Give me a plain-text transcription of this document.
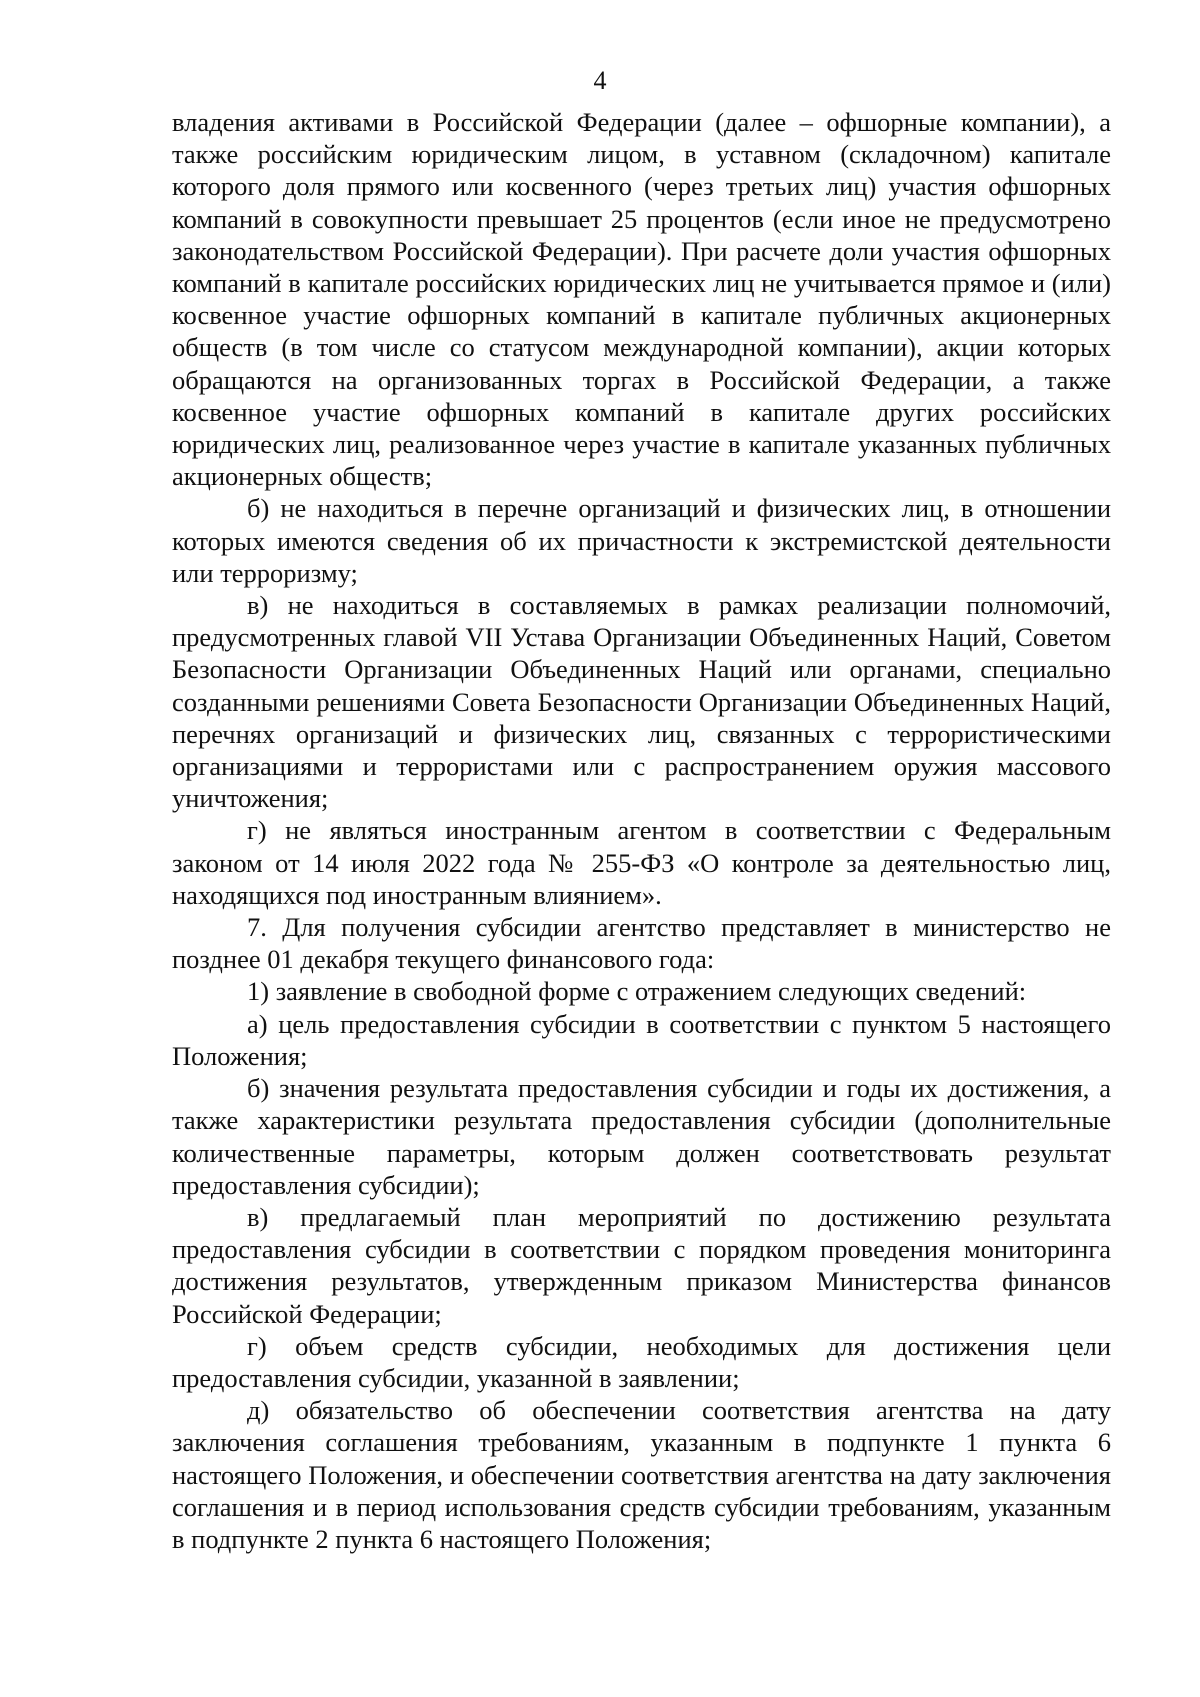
4

владения активами в Российской Федерации (далее – офшорные компании), а также российским юридическим лицом, в уставном (складочном) капитале которого доля прямого или косвенного (через третьих лиц) участия офшорных компаний в совокупности превышает 25 процентов (если иное не предусмотрено законодательством Российской Федерации). При расчете доли участия офшорных компаний в капитале российских юридических лиц не учитывается прямое и (или) косвенное участие офшорных компаний в капитале публичных акционерных обществ (в том числе со статусом международной компании), акции которых обращаются на организованных торгах в Российской Федерации, а также косвенное участие офшорных компаний в капитале других российских юридических лиц, реализованное через участие в капитале указанных публичных акционерных обществ;

б) не находиться в перечне организаций и физических лиц, в отношении которых имеются сведения об их причастности к экстремистской деятельности или терроризму;

в) не находиться в составляемых в рамках реализации полномочий, предусмотренных главой VII Устава Организации Объединенных Наций, Советом Безопасности Организации Объединенных Наций или органами, специально созданными решениями Совета Безопасности Организации Объединенных Наций, перечнях организаций и физических лиц, связанных с террористическими организациями и террористами или с распространением оружия массового уничтожения;

г) не являться иностранным агентом в соответствии с Федеральным законом от 14 июля 2022 года № 255-ФЗ «О контроле за деятельностью лиц, находящихся под иностранным влиянием».

7. Для получения субсидии агентство представляет в министерство не позднее 01 декабря текущего финансового года:

1) заявление в свободной форме с отражением следующих сведений:

а) цель предоставления субсидии в соответствии с пунктом 5 настоящего Положения;

б) значения результата предоставления субсидии и годы их достижения, а также характеристики результата предоставления субсидии (дополнительные количественные параметры, которым должен соответствовать результат предоставления субсидии);

в) предлагаемый план мероприятий по достижению результата предоставления субсидии в соответствии с порядком проведения мониторинга достижения результатов, утвержденным приказом Министерства финансов Российской Федерации;

г) объем средств субсидии, необходимых для достижения цели предоставления субсидии, указанной в заявлении;

д) обязательство об обеспечении соответствия агентства на дату заключения соглашения требованиям, указанным в подпункте 1 пункта 6 настоящего Положения, и обеспечении соответствия агентства на дату заключения соглашения и в период использования средств субсидии требованиям, указанным в подпункте 2 пункта 6 настоящего Положения;
